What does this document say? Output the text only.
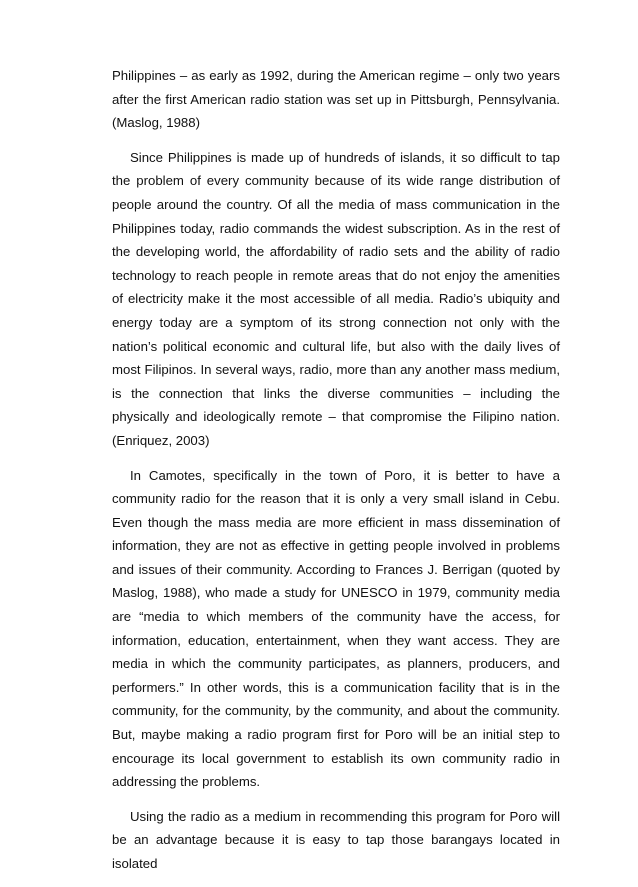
Philippines – as early as 1992, during the American regime – only two years after the first American radio station was set up in Pittsburgh, Pennsylvania. (Maslog, 1988)

Since Philippines is made up of hundreds of islands, it so difficult to tap the problem of every community because of its wide range distribution of people around the country. Of all the media of mass communication in the Philippines today, radio commands the widest subscription. As in the rest of the developing world, the affordability of radio sets and the ability of radio technology to reach people in remote areas that do not enjoy the amenities of electricity make it the most accessible of all media. Radio’s ubiquity and energy today are a symptom of its strong connection not only with the nation’s political economic and cultural life, but also with the daily lives of most Filipinos. In several ways, radio, more than any another mass medium, is the connection that links the diverse communities – including the physically and ideologically remote – that compromise the Filipino nation. (Enriquez, 2003)

In Camotes, specifically in the town of Poro, it is better to have a community radio for the reason that it is only a very small island in Cebu. Even though the mass media are more efficient in mass dissemination of information, they are not as effective in getting people involved in problems and issues of their community. According to Frances J. Berrigan (quoted by Maslog, 1988), who made a study for UNESCO in 1979, community media are “media to which members of the community have the access, for information, education, entertainment, when they want access. They are media in which the community participates, as planners, producers, and performers.” In other words, this is a communication facility that is in the community, for the community, by the community, and about the community. But, maybe making a radio program first for Poro will be an initial step to encourage its local government to establish its own community radio in addressing the problems.

Using the radio as a medium in recommending this program for Poro will be an advantage because it is easy to tap those barangays located in isolated
